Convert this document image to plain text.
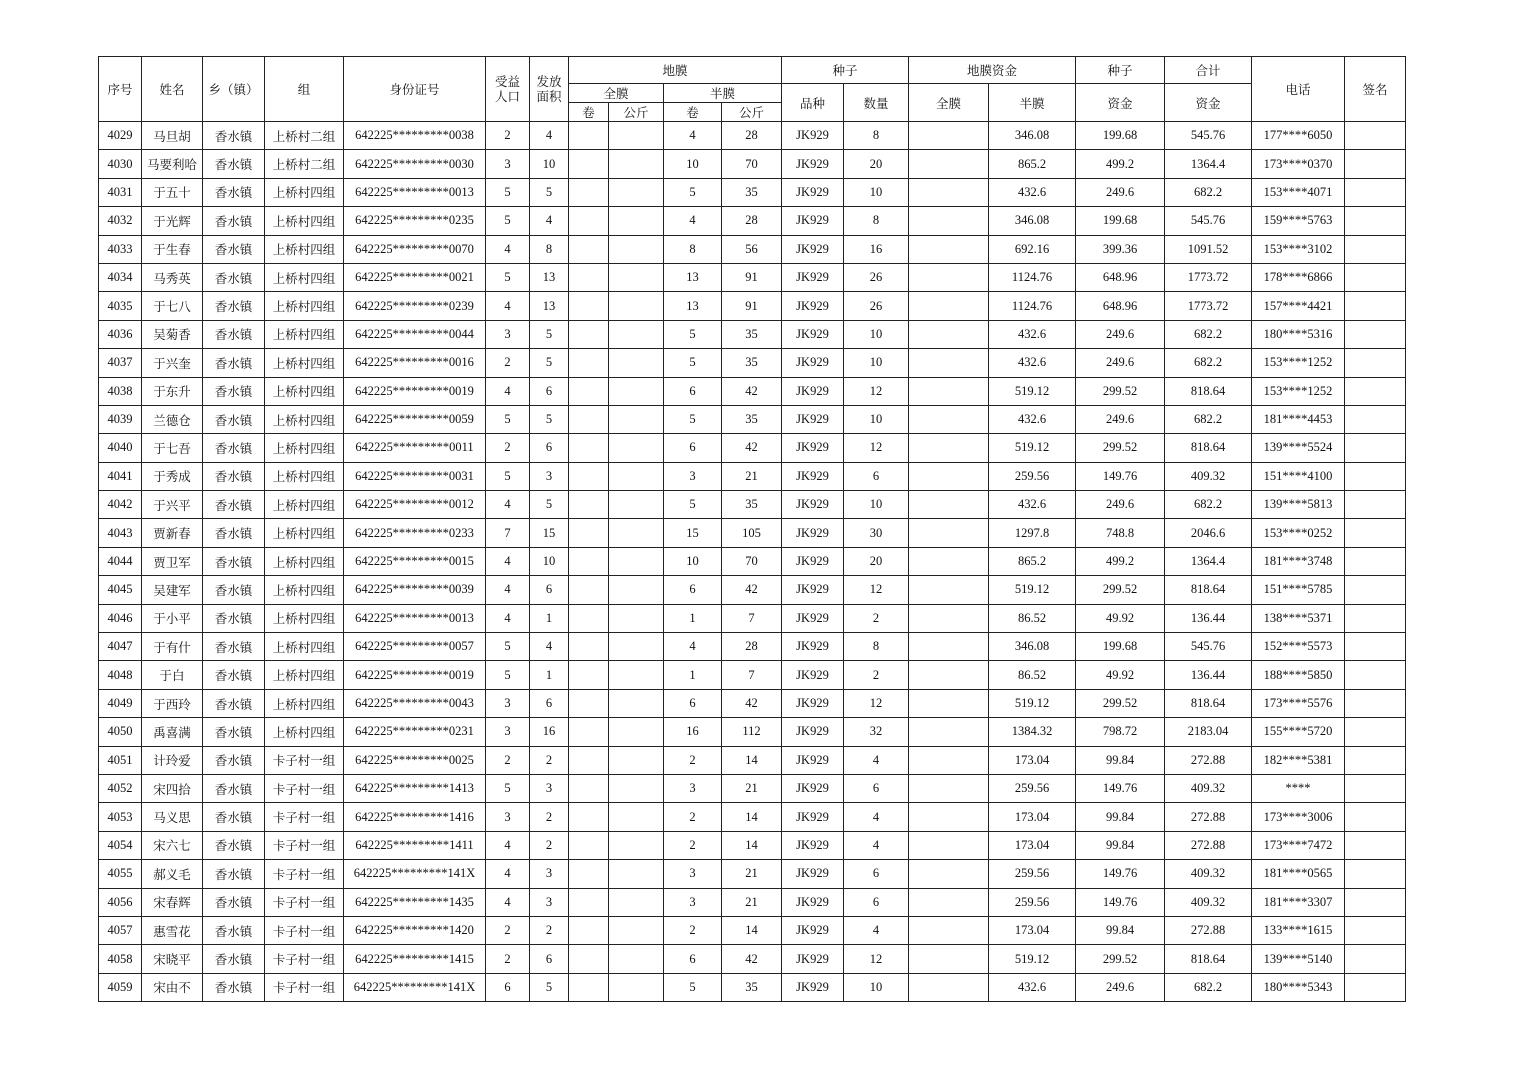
序号	姓名	乡（镇）	组	身份证号	受益人口	发放面积	地膜				种子		地膜资金		种子	合计	电话	签名
							全膜		半膜		品种	数量	全膜	半膜	资金	资金		
							卷	公斤	卷	公斤								
4029	马旦胡	香水镇	上桥村二组	642225*********0038	2	4			4	28	JK929	8		346.08	199.68	545.76	177****6050	
4030	马要利哈	香水镇	上桥村二组	642225*********0030	3	10			10	70	JK929	20		865.2	499.2	1364.4	173****0370	
4031	于五十	香水镇	上桥村四组	642225*********0013	5	5			5	35	JK929	10		432.6	249.6	682.2	153****4071	
4032	于光辉	香水镇	上桥村四组	642225*********0235	5	4			4	28	JK929	8		346.08	199.68	545.76	159****5763	
4033	于生春	香水镇	上桥村四组	642225*********0070	4	8			8	56	JK929	16		692.16	399.36	1091.52	153****3102	
4034	马秀英	香水镇	上桥村四组	642225*********0021	5	13			13	91	JK929	26		1124.76	648.96	1773.72	178****6866	
4035	于七八	香水镇	上桥村四组	642225*********0239	4	13			13	91	JK929	26		1124.76	648.96	1773.72	157****4421	
4036	吴菊香	香水镇	上桥村四组	642225*********0044	3	5			5	35	JK929	10		432.6	249.6	682.2	180****5316	
4037	于兴奎	香水镇	上桥村四组	642225*********0016	2	5			5	35	JK929	10		432.6	249.6	682.2	153****1252	
4038	于东升	香水镇	上桥村四组	642225*********0019	4	6			6	42	JK929	12		519.12	299.52	818.64	153****1252	
4039	兰德仓	香水镇	上桥村四组	642225*********0059	5	5			5	35	JK929	10		432.6	249.6	682.2	181****4453	
4040	于七吾	香水镇	上桥村四组	642225*********0011	2	6			6	42	JK929	12		519.12	299.52	818.64	139****5524	
4041	于秀成	香水镇	上桥村四组	642225*********0031	5	3			3	21	JK929	6		259.56	149.76	409.32	151****4100	
4042	于兴平	香水镇	上桥村四组	642225*********0012	4	5			5	35	JK929	10		432.6	249.6	682.2	139****5813	
4043	贾新春	香水镇	上桥村四组	642225*********0233	7	15			15	105	JK929	30		1297.8	748.8	2046.6	153****0252	
4044	贾卫军	香水镇	上桥村四组	642225*********0015	4	10			10	70	JK929	20		865.2	499.2	1364.4	181****3748	
4045	吴建军	香水镇	上桥村四组	642225*********0039	4	6			6	42	JK929	12		519.12	299.52	818.64	151****5785	
4046	于小平	香水镇	上桥村四组	642225*********0013	4	1			1	7	JK929	2		86.52	49.92	136.44	138****5371	
4047	于有什	香水镇	上桥村四组	642225*********0057	5	4			4	28	JK929	8		346.08	199.68	545.76	152****5573	
4048	于白	香水镇	上桥村四组	642225*********0019	5	1			1	7	JK929	2		86.52	49.92	136.44	188****5850	
4049	于西玲	香水镇	上桥村四组	642225*********0043	3	6			6	42	JK929	12		519.12	299.52	818.64	173****5576	
4050	禹喜满	香水镇	上桥村四组	642225*********0231	3	16			16	112	JK929	32		1384.32	798.72	2183.04	155****5720	
4051	计玲爱	香水镇	卡子村一组	642225*********0025	2	2			2	14	JK929	4		173.04	99.84	272.88	182****5381	
4052	宋四拾	香水镇	卡子村一组	642225*********1413	5	3			3	21	JK929	6		259.56	149.76	409.32	****	
4053	马义思	香水镇	卡子村一组	642225*********1416	3	2			2	14	JK929	4		173.04	99.84	272.88	173****3006	
4054	宋六七	香水镇	卡子村一组	642225*********1411	4	2			2	14	JK929	4		173.04	99.84	272.88	173****7472	
4055	郝义毛	香水镇	卡子村一组	642225*********141X	4	3			3	21	JK929	6		259.56	149.76	409.32	181****0565	
4056	宋春辉	香水镇	卡子村一组	642225*********1435	4	3			3	21	JK929	6		259.56	149.76	409.32	181****3307	
4057	惠雪花	香水镇	卡子村一组	642225*********1420	2	2			2	14	JK929	4		173.04	99.84	272.88	133****1615	
4058	宋晓平	香水镇	卡子村一组	642225*********1415	2	6			6	42	JK929	12		519.12	299.52	818.64	139****5140	
4059	宋由不	香水镇	卡子村一组	642225*********141X	6	5			5	35	JK929	10		432.6	249.6	682.2	180****5343	
